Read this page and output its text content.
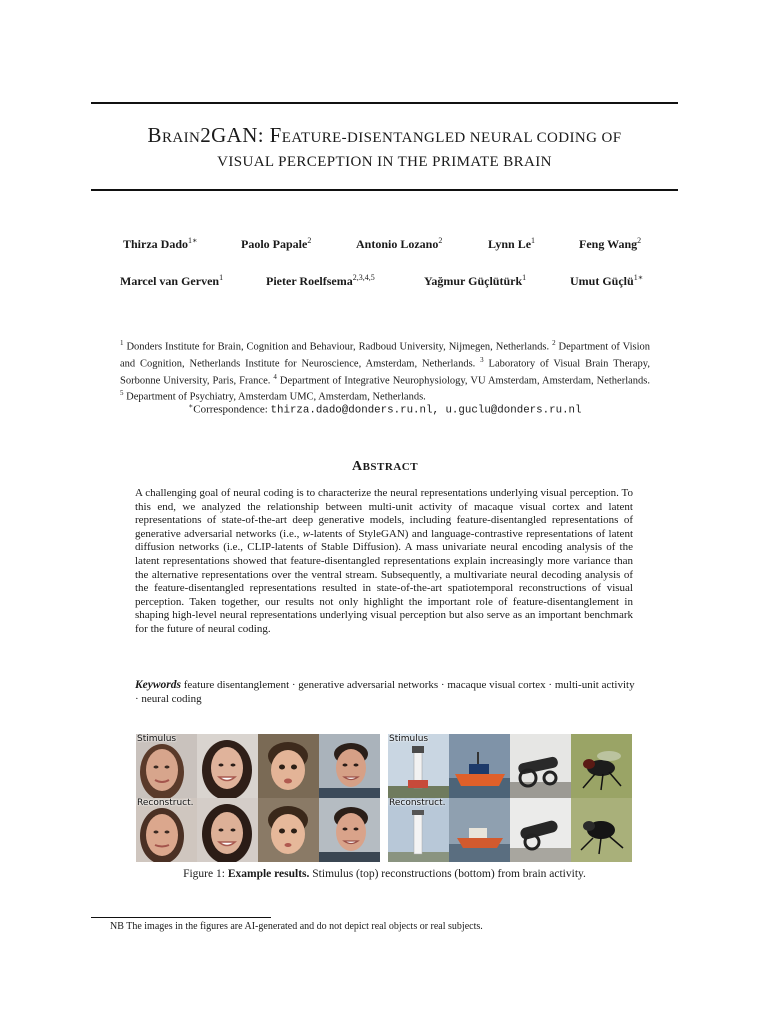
BRAIN2GAN: FEATURE-DISENTANGLED NEURAL CODING OF
VISUAL PERCEPTION IN THE PRIMATE BRAIN
Thirza Dado$^{1∗}$	Paolo Papale$^2$	Antonio Lozano$^2$	Lynn Le$^1$	Feng Wang$^2$
Marcel van Gerven$^1$	Pieter Roelfsema$^{2,3,4,5}$	Yağmur Güçlütürk$^1$	Umut Güçlü$^{1∗}$
$^1$ Donders Institute for Brain, Cognition and Behaviour, Radboud University, Nijmegen, Netherlands. $^2$ Department of Vision and Cognition, Netherlands Institute for Neuroscience, Amsterdam, Netherlands. $^3$ Laboratory of Visual Brain Therapy, Sorbonne University, Paris, France. $^4$ Department of Integrative Neurophysiology, VU Amsterdam, Amsterdam, Netherlands. $^5$ Department of Psychiatry, Amsterdam UMC, Amsterdam, Netherlands.
∗Correspondence: thirza.dado@donders.ru.nl, u.guclu@donders.ru.nl
ABSTRACT
A challenging goal of neural coding is to characterize the neural representations underlying visual perception. To this end, we analyzed the relationship between multi-unit activity of macaque visual cortex and latent representations of state-of-the-art deep generative models, including feature-disentangled representations of generative adversarial networks (i.e., w-latents of StyleGAN) and language-contrastive representations of latent diffusion networks (i.e., CLIP-latents of Stable Diffusion). A mass univariate neural encoding analysis of the latent representations showed that feature-disentangled representations explain increasingly more variance than the alternative representations over the ventral stream. Subsequently, a multivariate neural decoding analysis of the feature-disentangled representations resulted in state-of-the-art spatiotemporal reconstructions of visual perception. Taken together, our results not only highlight the important role of feature-disentanglement in shaping high-level neural representations underlying visual perception but also serve as an important benchmark for the future of neural coding.
Keywords feature disentanglement · generative adversarial networks · macaque visual cortex · multi-unit activity · neural coding
Stimulus
Reconstruct.
Stimulus
Reconstruct.
Figure 1: Example results. Stimulus (top) reconstructions (bottom) from brain activity.
NB The images in the figures are AI-generated and do not depict real objects or real subjects.
